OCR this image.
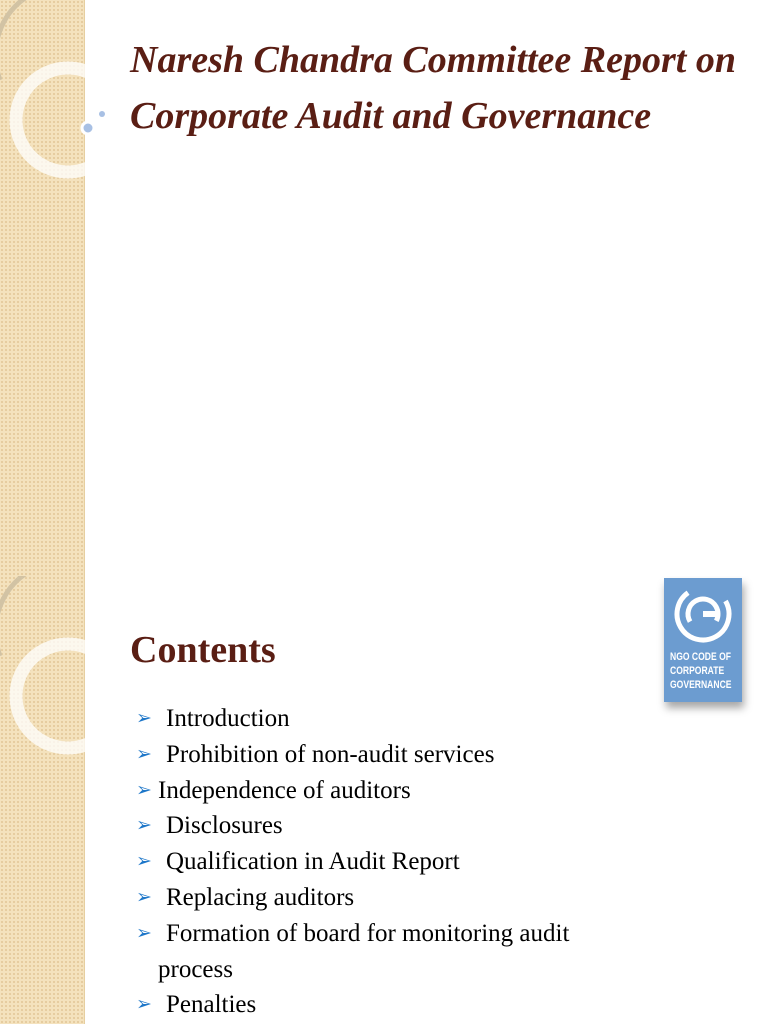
Naresh Chandra Committee Report on Corporate Audit and Governance
Contents	NGO CODE OF
CORPORATE
GOVERNANCE
➢ Introduction
➢ Prohibition of non-audit services
➢ Independence of auditors
➢ Disclosures
➢ Qualification in Audit Report
➢ Replacing auditors
➢ Formation of board for monitoring audit
process
➢ Penalties
